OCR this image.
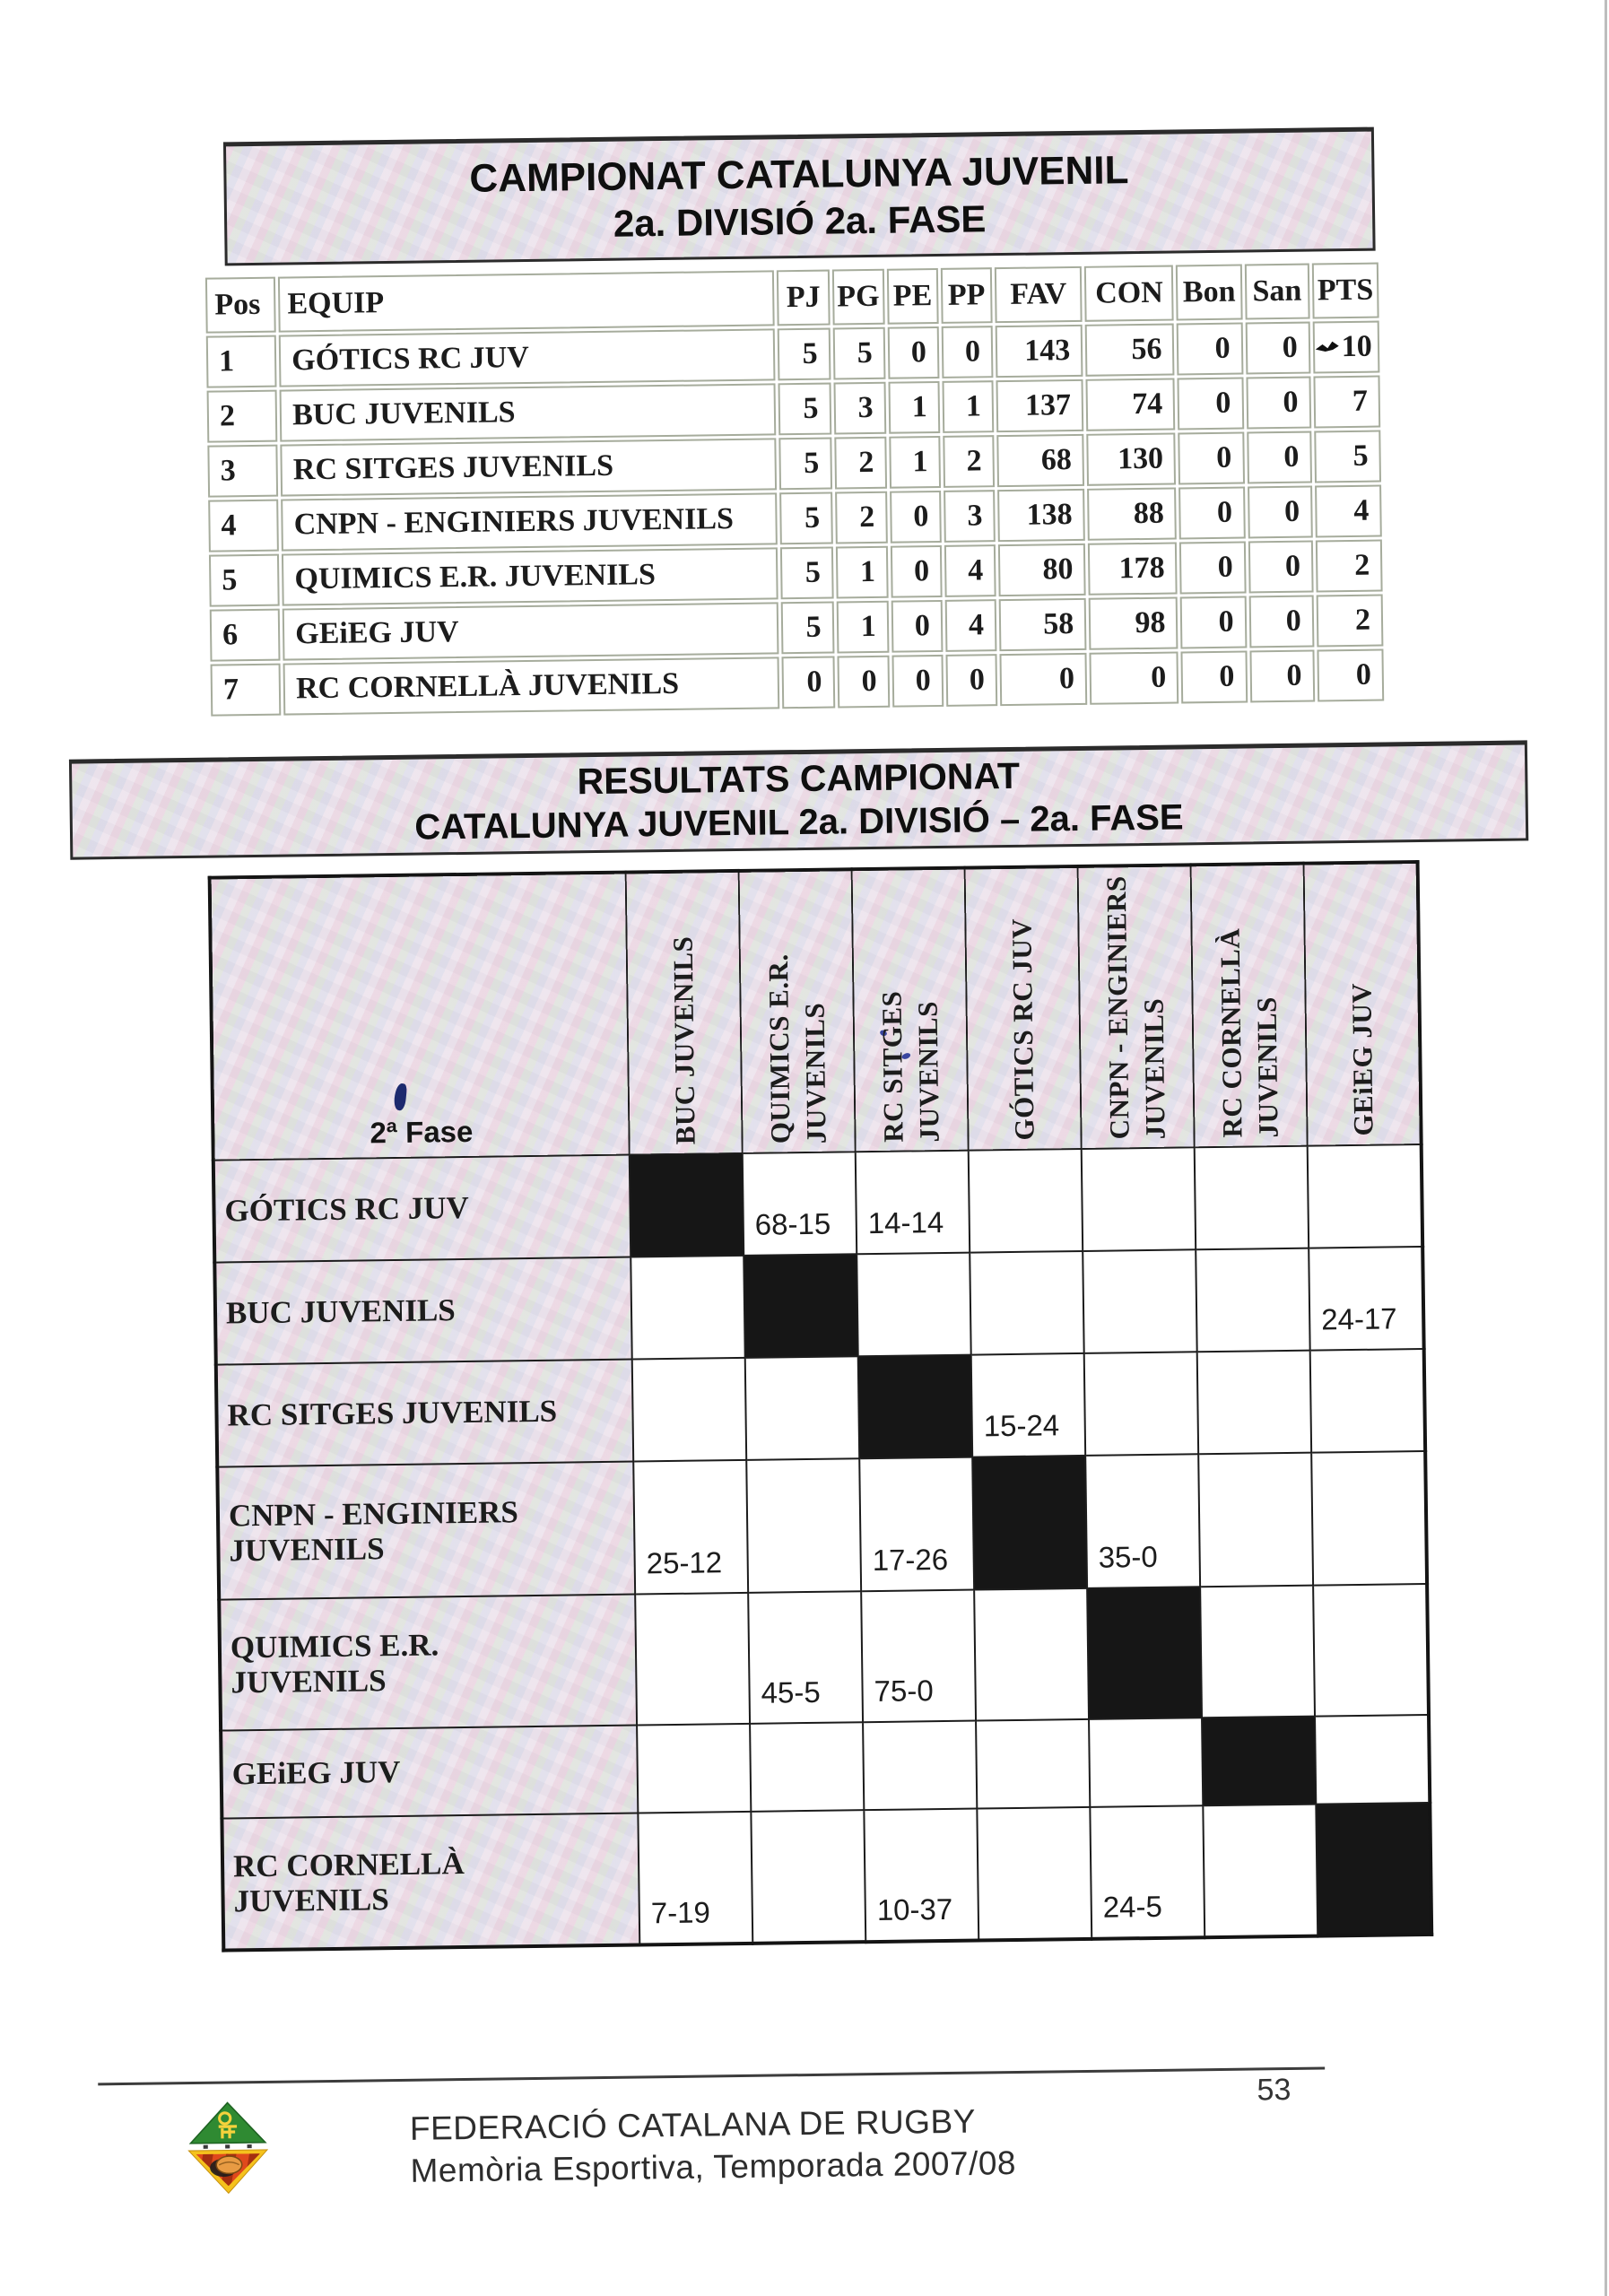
CAMPIONAT CATALUNYA JUVENIL
2a. DIVISIÓ 2a. FASE
Pos	EQUIP	PJ	PG	PE	PP	FAV	CON	Bon	San	PTS
1	GÓTICS RC JUV	5	5	0	0	143	56	0	0	10
2	BUC JUVENILS	5	3	1	1	137	74	0	0	7
3	RC SITGES JUVENILS	5	2	1	2	68	130	0	0	5
4	CNPN - ENGINIERS JUVENILS	5	2	0	3	138	88	0	0	4
5	QUIMICS E.R. JUVENILS	5	1	0	4	80	178	0	0	2
6	GEiEG JUV	5	1	0	4	58	98	0	0	2
7	RC CORNELLÀ JUVENILS	0	0	0	0	0	0	0	0	0
RESULTATS CAMPIONAT
CATALUNYA JUVENIL 2a. DIVISIÓ – 2a. FASE
2ª Fase	BUC JUVENILS	QUIMICS E.R. JUVENILS	RC SITGES JUVENILS	GÓTICS RC JUV	CNPN - ENGINIERS JUVENILS	RC CORNELLÀ JUVENILS	GEiEG JUV

GÓTICS RC JUV		68-15	14-14				

BUC JUVENILS							24-17

RC SITGES JUVENILS				15-24			

CNPN - ENGINIERS
JUVENILS	25-12		17-26		35-0		

QUIMICS E.R.
JUVENILS		45-5	75-0				

GEiEG JUV							

RC CORNELLÀ
JUVENILS	7-19		10-37		24-5		
53
FEDERACIÓ CATALANA DE RUGBY
Memòria Esportiva, Temporada 2007/08
